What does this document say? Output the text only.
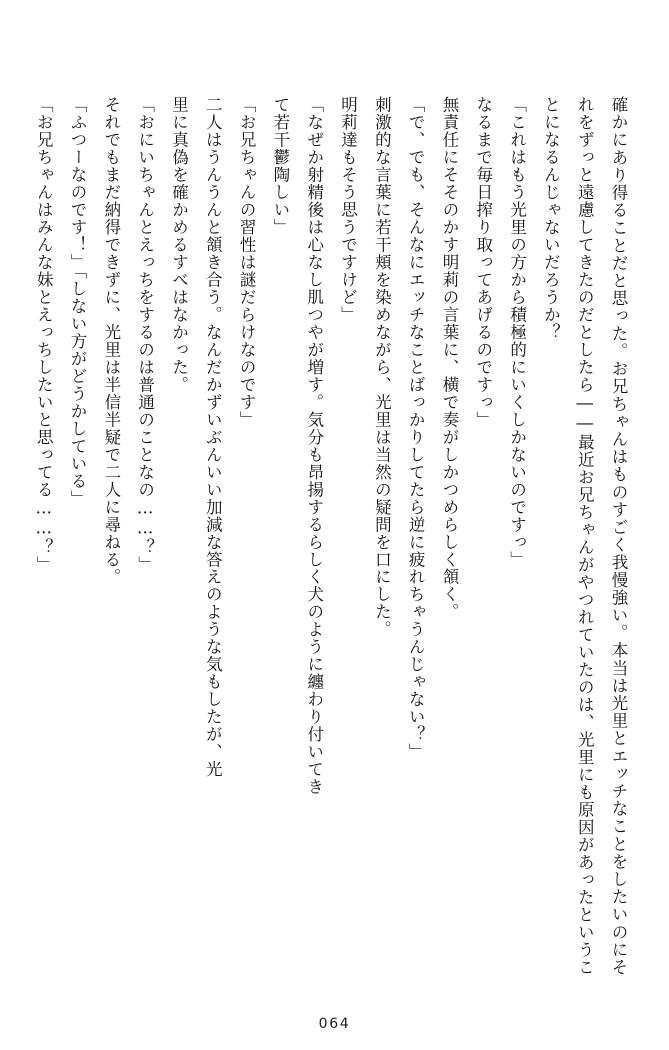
確かにあり得ることだと思った。お兄ちゃんはものすごく我慢強い。本当は光里とエッチなことをしたいのにそれをずっと遠慮してきたのだとしたら――最近お兄ちゃんがやつれていたのは、光里にも原因があったということになるんじゃないだろうか？

「これはもう光里の方から積極的にいくしかないのですっ」

なるまで毎日搾り取ってあげるのですっ」

無責任にそそのかす明莉の言葉に、横で奏がしかつめらしく頷く。

「で、でも、そんなにエッチなことばっかりしてたら逆に疲れちゃうんじゃない？」

刺激的な言葉に若干頬を染めながら、光里は当然の疑問を口にした。

明莉達もそう思うですけど」

「なぜか射精後は心なし肌つやが増す。気分も昂揚するらしく犬のように纏わり付いてき

て若干鬱陶しい」

「お兄ちゃんの習性は謎だらけなのです」

二人はうんうんと頷き合う。なんだかずいぶんいい加減な答えのような気もしたが、光

里に真偽を確かめるすべはなかった。

「おにいちゃんとえっちをするのは普通のことなの……？」

それでもまだ納得できずに、光里は半信半疑で二人に尋ねる。

「ふつーなのです！」「しない方がどうかしている」

「お兄ちゃんはみんな妹とえっちしたいと思ってる……？」

064
